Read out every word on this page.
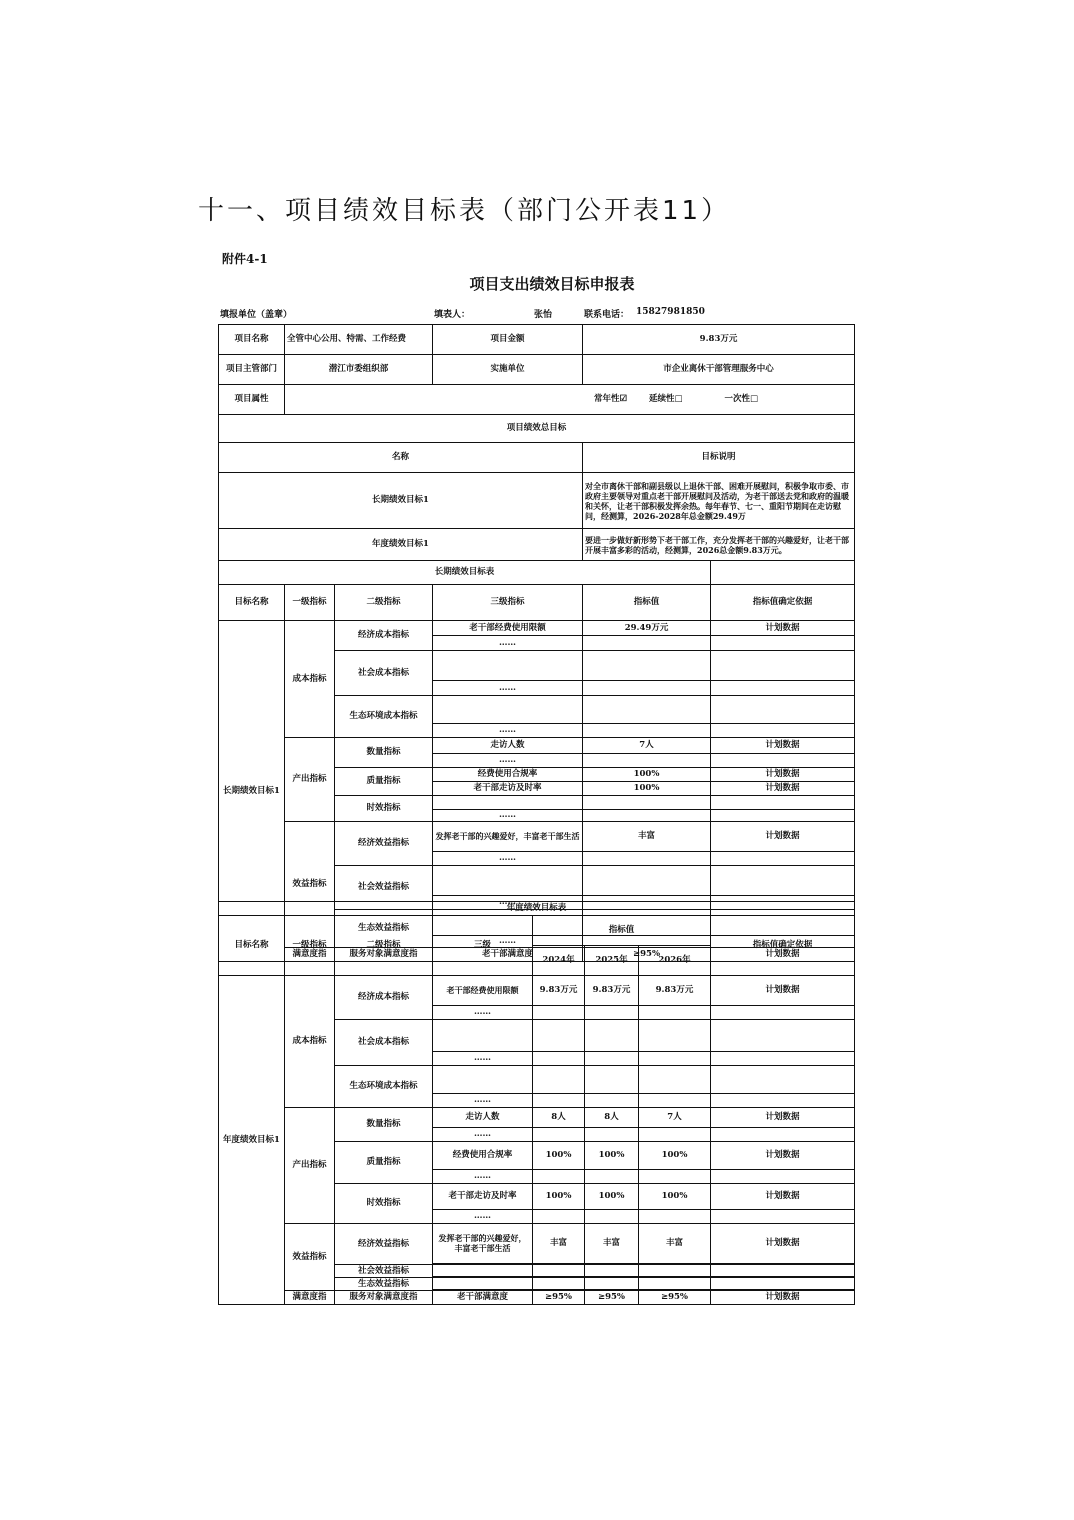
十一、项目绩效目标表（部门公开表11）
附件4-1
项目支出绩效目标申报表
填报单位（盖章）	填表人：	张怡	联系电话： 15827981850
项目名称	全管中心公用、特需、工作经费		项目金额	9.83万元	
项目主管部门	潜江市委组织部		实施单位	市企业离休干部管理服务中心	
项目属性	常年性☑ 延续性□ 一次性□				
项目绩效总目标					
名称				目标说明	
长期绩效目标1				对全市离休干部和副县级以上退休干部、困难开展慰问，积极争取市委、市政府主要领导对重点老干部开展慰问及活动，为老干部送去党和政府的温暖和关怀，让老干部积极发挥余热。每年春节、七一、重阳节期间在走访慰问，经测算，2026-2028年总金额29.49万	
年度绩效目标1				要进一步做好新形势下老干部工作，充分发挥老干部的兴趣爱好，让老干部开展丰富多彩的活动，经测算，2026总金额9.83万元。	
长期绩效目标表					
目标名称	一级指标	二级指标	三级指标	指标值	指标值确定依据
长期绩效目标1	成本指标	经济成本指标	老干部经费使用限额	29.49万元	计划数据
			……		
		社会成本指标			
			……		
		生态环境成本指标			
			……		
	产出指标	数量指标	走访人数	7人	计划数据
			……		
		质量指标	经费使用合规率	100%	计划数据
			老干部走访及时率	100%	计划数据
		时效指标			
			……		
	效益指标	经济效益指标	发挥老干部的兴趣爱好，丰富老干部生活	丰富	计划数据
			……		
		社会效益指标			
			……		
		生态效益指标			
			……		
	满意度指	服务对象满意度指	老干部满意度	≥95%	计划数据
年度绩效目标表							
目标名称	一级指标	二级指标	三级	指标值			指标值确定依据
				2024年	2025年	2026年	
年度绩效目标1	成本指标	经济成本指标	老干部经费使用限额	9.83万元	9.83万元	9.83万元	计划数据
			……				
		社会成本指标					
			……				
		生态环境成本指标					
			……				
	产出指标	数量指标	走访人数	8人	8人	7人	计划数据
			……				
		质量指标	经费使用合规率	100%	100%	100%	计划数据
			……				
		时效指标	老干部走访及时率	100%	100%	100%	计划数据
			……				
	效益指标	经济效益指标	发挥老干部的兴趣爱好，丰富老干部生活	丰富	丰富	丰富	计划数据

		社会效益指标					

		生态效益指标					

	满意度指	服务对象满意度指	老干部满意度	≥95%	≥95%	≥95%	计划数据
